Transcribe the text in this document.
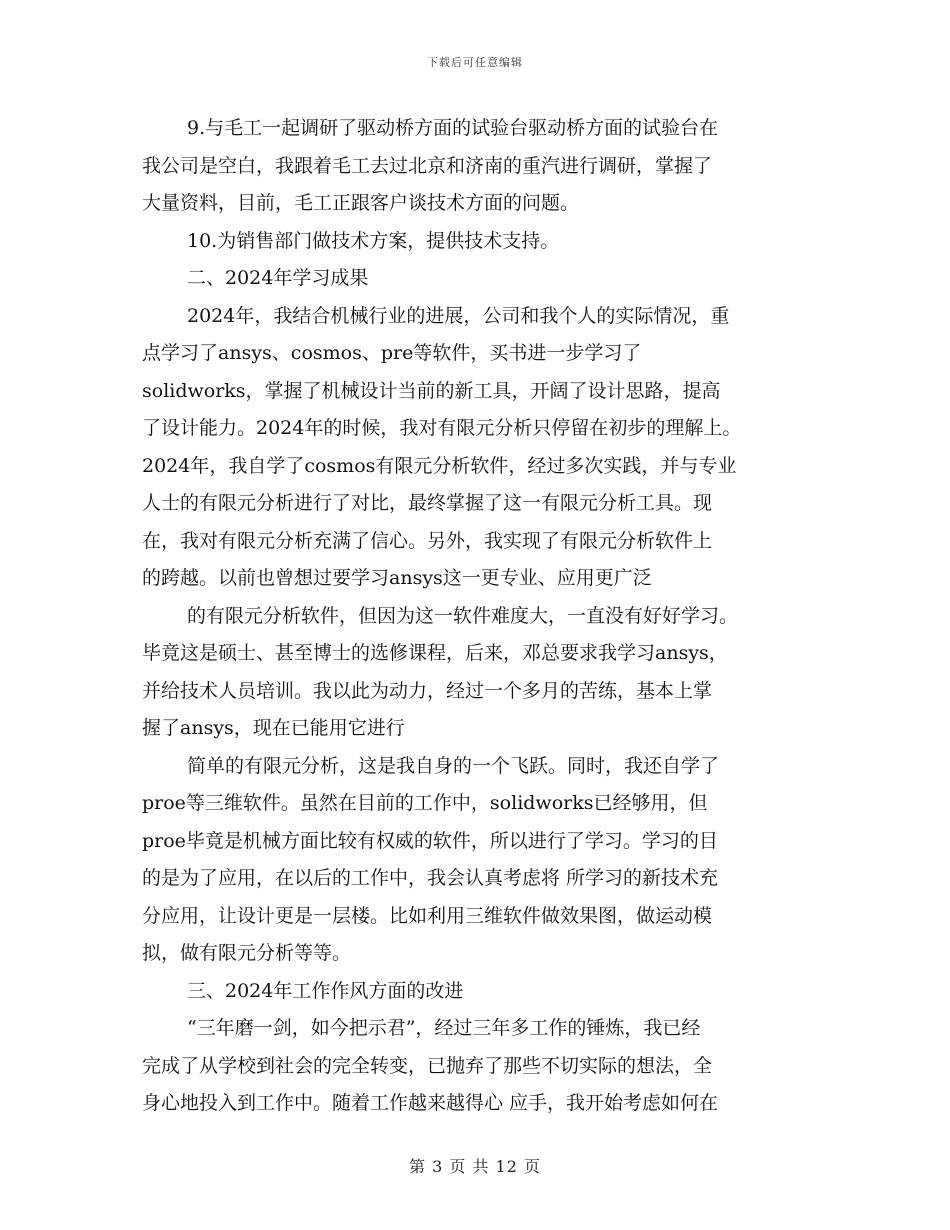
下载后可任意编辑
9.与毛工一起调研了驱动桥方面的试验台驱动桥方面的试验台在
我公司是空白，我跟着毛工去过北京和济南的重汽进行调研，掌握了
大量资料，目前，毛工正跟客户谈技术方面的问题。
10.为销售部门做技术方案，提供技术支持。
二、2024年学习成果
2024年，我结合机械行业的进展，公司和我个人的实际情况，重
点学习了ansys、cosmos、pre等软件，买书进一步学习了
solidworks，掌握了机械设计当前的新工具，开阔了设计思路，提高
了设计能力。2024年的时候，我对有限元分析只停留在初步的理解上。
2024年，我自学了cosmos有限元分析软件，经过多次实践，并与专业
人士的有限元分析进行了对比，最终掌握了这一有限元分析工具。现
在，我对有限元分析充满了信心。另外，我实现了有限元分析软件上
的跨越。以前也曾想过要学习ansys这一更专业、应用更广泛
的有限元分析软件，但因为这一软件难度大，一直没有好好学习。
毕竟这是硕士、甚至博士的选修课程，后来，邓总要求我学习ansys，
并给技术人员培训。我以此为动力，经过一个多月的苦练，基本上掌
握了ansys，现在已能用它进行
简单的有限元分析，这是我自身的一个飞跃。同时，我还自学了
proe等三维软件。虽然在目前的工作中，solidworks已经够用，但
proe毕竟是机械方面比较有权威的软件，所以进行了学习。学习的目
的是为了应用，在以后的工作中，我会认真考虑将 所学习的新技术充
分应用，让设计更是一层楼。比如利用三维软件做效果图，做运动模
拟，做有限元分析等等。
三、2024年工作作风方面的改进
“三年磨一剑，如今把示君”，经过三年多工作的锤炼，我已经
完成了从学校到社会的完全转变，已抛弃了那些不切实际的想法，全
身心地投入到工作中。随着工作越来越得心 应手，我开始考虑如何在
第 3 页 共 12 页
